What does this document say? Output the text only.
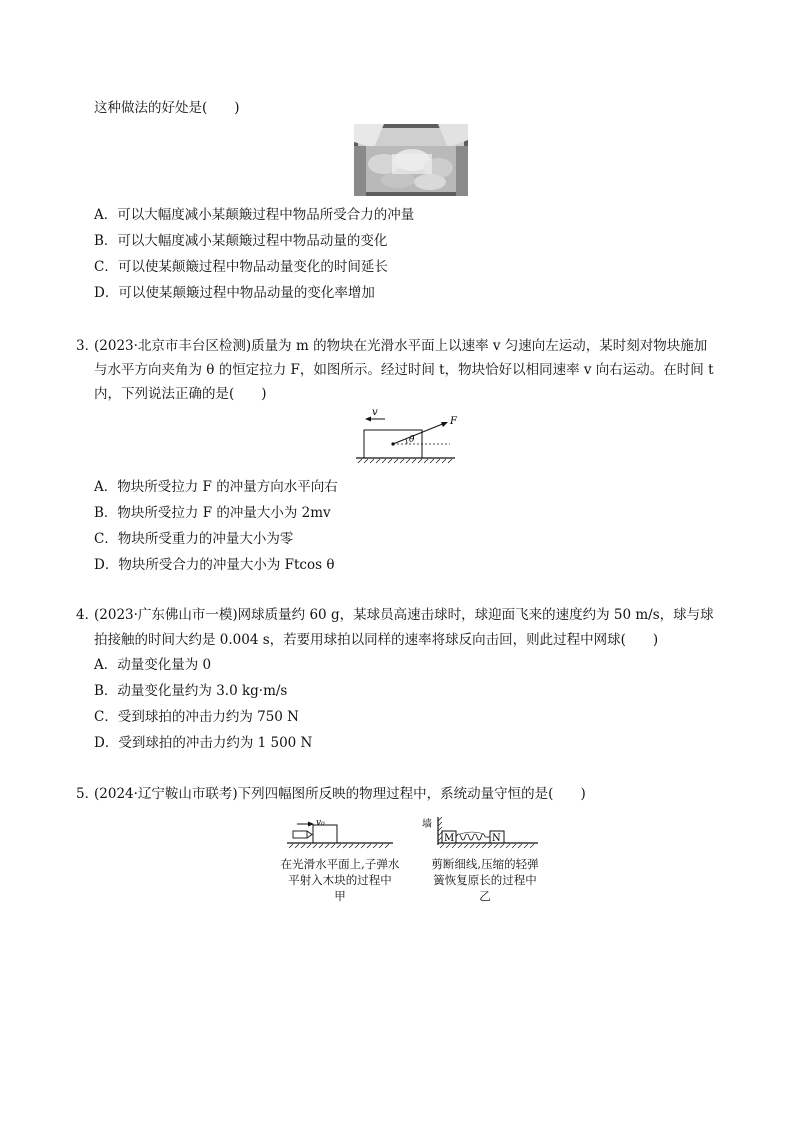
这种做法的好处是(　　)
A．可以大幅度减小某颠簸过程中物品所受合力的冲量
B．可以大幅度减小某颠簸过程中物品动量的变化
C．可以使某颠簸过程中物品动量变化的时间延长
D．可以使某颠簸过程中物品动量的变化率增加
3．
(2023·北京市丰台区检测)质量为 m 的物块在光滑水平面上以速率 v 匀速向左运动，某时刻对物块施加
与水平方向夹角为 θ 的恒定拉力 F，如图所示。经过时间 t，物块恰好以相同速率 v 向右运动。在时间 t
内，下列说法正确的是(　　)
v
F
θ
A．物块所受拉力 F 的冲量方向水平向右
B．物块所受拉力 F 的冲量大小为 2mv
C．物块所受重力的冲量大小为零
D．物块所受合力的冲量大小为 Ftcos θ
4．
(2023·广东佛山市一模)网球质量约 60 g，某球员高速击球时，球迎面飞来的速度约为 50 m/s，球与球
拍接触的时间大约是 0.004 s，若要用球拍以同样的速率将球反向击回，则此过程中网球(　　)
A．动量变化量为 0
B．动量变化量约为 3.0 kg·m/s
C．受到球拍的冲击力约为 750 N
D．受到球拍的冲击力约为 1 500 N
5．
(2024·辽宁鞍山市联考)下列四幅图所反映的物理过程中，系统动量守恒的是(　　)
v₀
在光滑水平面上,子弹水
平射入木块的过程中
甲
墙
M	N
剪断细线,压缩的轻弹
簧恢复原长的过程中
乙
